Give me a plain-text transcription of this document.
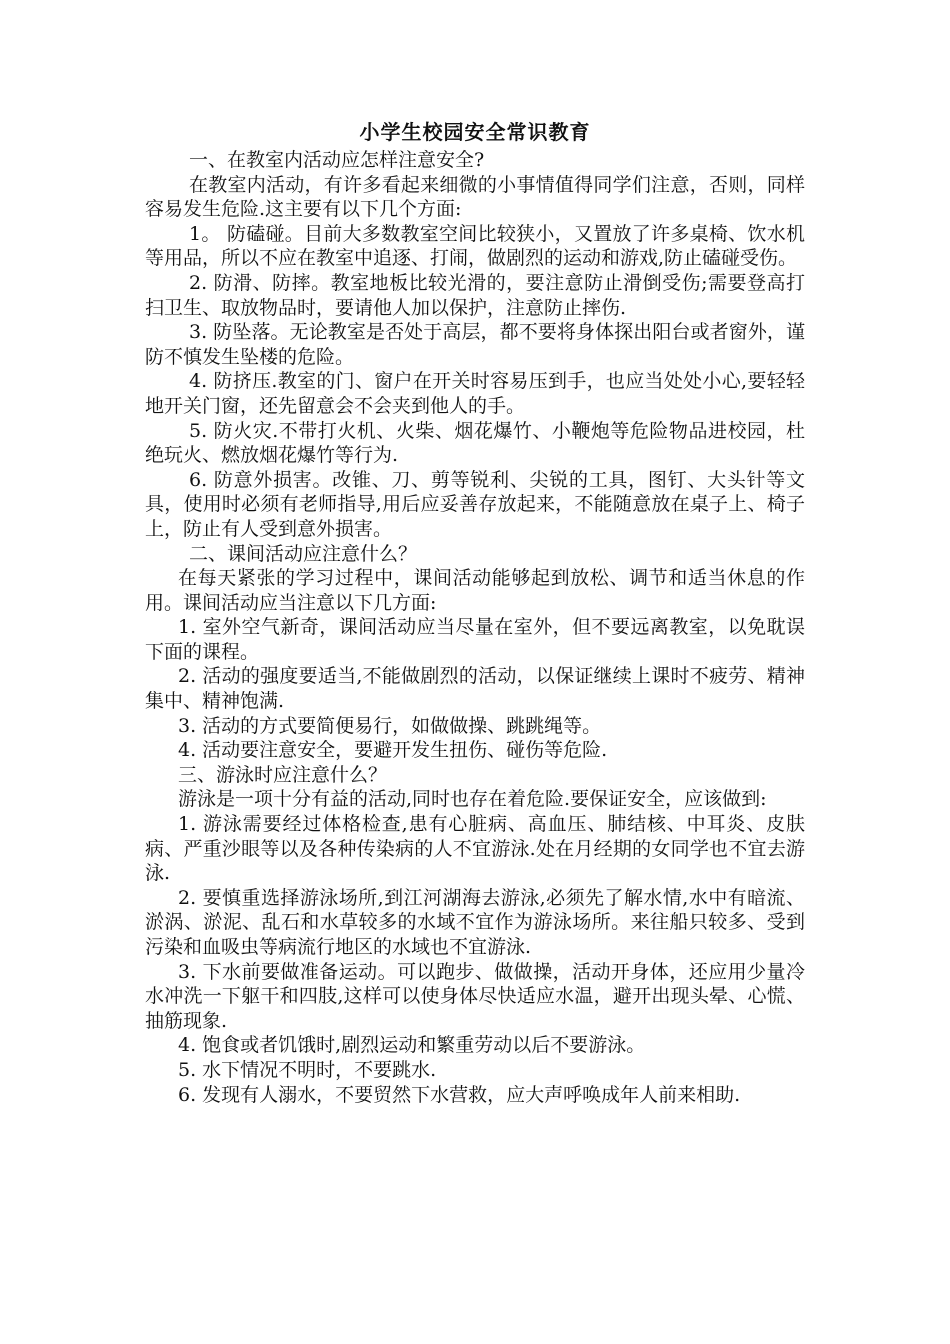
小学生校园安全常识教育

一、在教室内活动应怎样注意安全?

在教室内活动，有许多看起来细微的小事情值得同学们注意，否则，同样容易发生危险.这主要有以下几个方面:

1。 防磕碰。目前大多数教室空间比较狭小，又置放了许多桌椅、饮水机等用品，所以不应在教室中追逐、打闹，做剧烈的运动和游戏,防止磕碰受伤。

2. 防滑、防摔。教室地板比较光滑的，要注意防止滑倒受伤;需要登高打扫卫生、取放物品时，要请他人加以保护，注意防止摔伤.

3. 防坠落。无论教室是否处于高层，都不要将身体探出阳台或者窗外，谨防不慎发生坠楼的危险。

4. 防挤压.教室的门、窗户在开关时容易压到手，也应当处处小心,要轻轻地开关门窗，还先留意会不会夹到他人的手。

5. 防火灾.不带打火机、火柴、烟花爆竹、小鞭炮等危险物品进校园，杜绝玩火、燃放烟花爆竹等行为.

6. 防意外损害。改锥、刀、剪等锐利、尖锐的工具，图钉、大头针等文具，使用时必须有老师指导,用后应妥善存放起来，不能随意放在桌子上、椅子上，防止有人受到意外损害。

二、课间活动应注意什么？

在每天紧张的学习过程中，课间活动能够起到放松、调节和适当休息的作用。课间活动应当注意以下几方面:

1. 室外空气新奇，课间活动应当尽量在室外，但不要远离教室，以免耽误下面的课程。

2. 活动的强度要适当,不能做剧烈的活动，以保证继续上课时不疲劳、精神集中、精神饱满.

3. 活动的方式要简便易行，如做做操、跳跳绳等。

4. 活动要注意安全，要避开发生扭伤、碰伤等危险.

三、游泳时应注意什么？

游泳是一项十分有益的活动,同时也存在着危险.要保证安全，应该做到:

1. 游泳需要经过体格检查,患有心脏病、高血压、肺结核、中耳炎、皮肤病、严重沙眼等以及各种传染病的人不宜游泳.处在月经期的女同学也不宜去游泳.

2. 要慎重选择游泳场所,到江河湖海去游泳,必须先了解水情,水中有暗流、淤涡、淤泥、乱石和水草较多的水域不宜作为游泳场所。来往船只较多、受到污染和血吸虫等病流行地区的水域也不宜游泳.

3. 下水前要做准备运动。可以跑步、做做操，活动开身体，还应用少量冷水冲洗一下躯干和四肢,这样可以使身体尽快适应水温，避开出现头晕、心慌、抽筋现象.

4. 饱食或者饥饿时,剧烈运动和繁重劳动以后不要游泳。

5. 水下情况不明时，不要跳水.

6. 发现有人溺水，不要贸然下水营救，应大声呼唤成年人前来相助.
